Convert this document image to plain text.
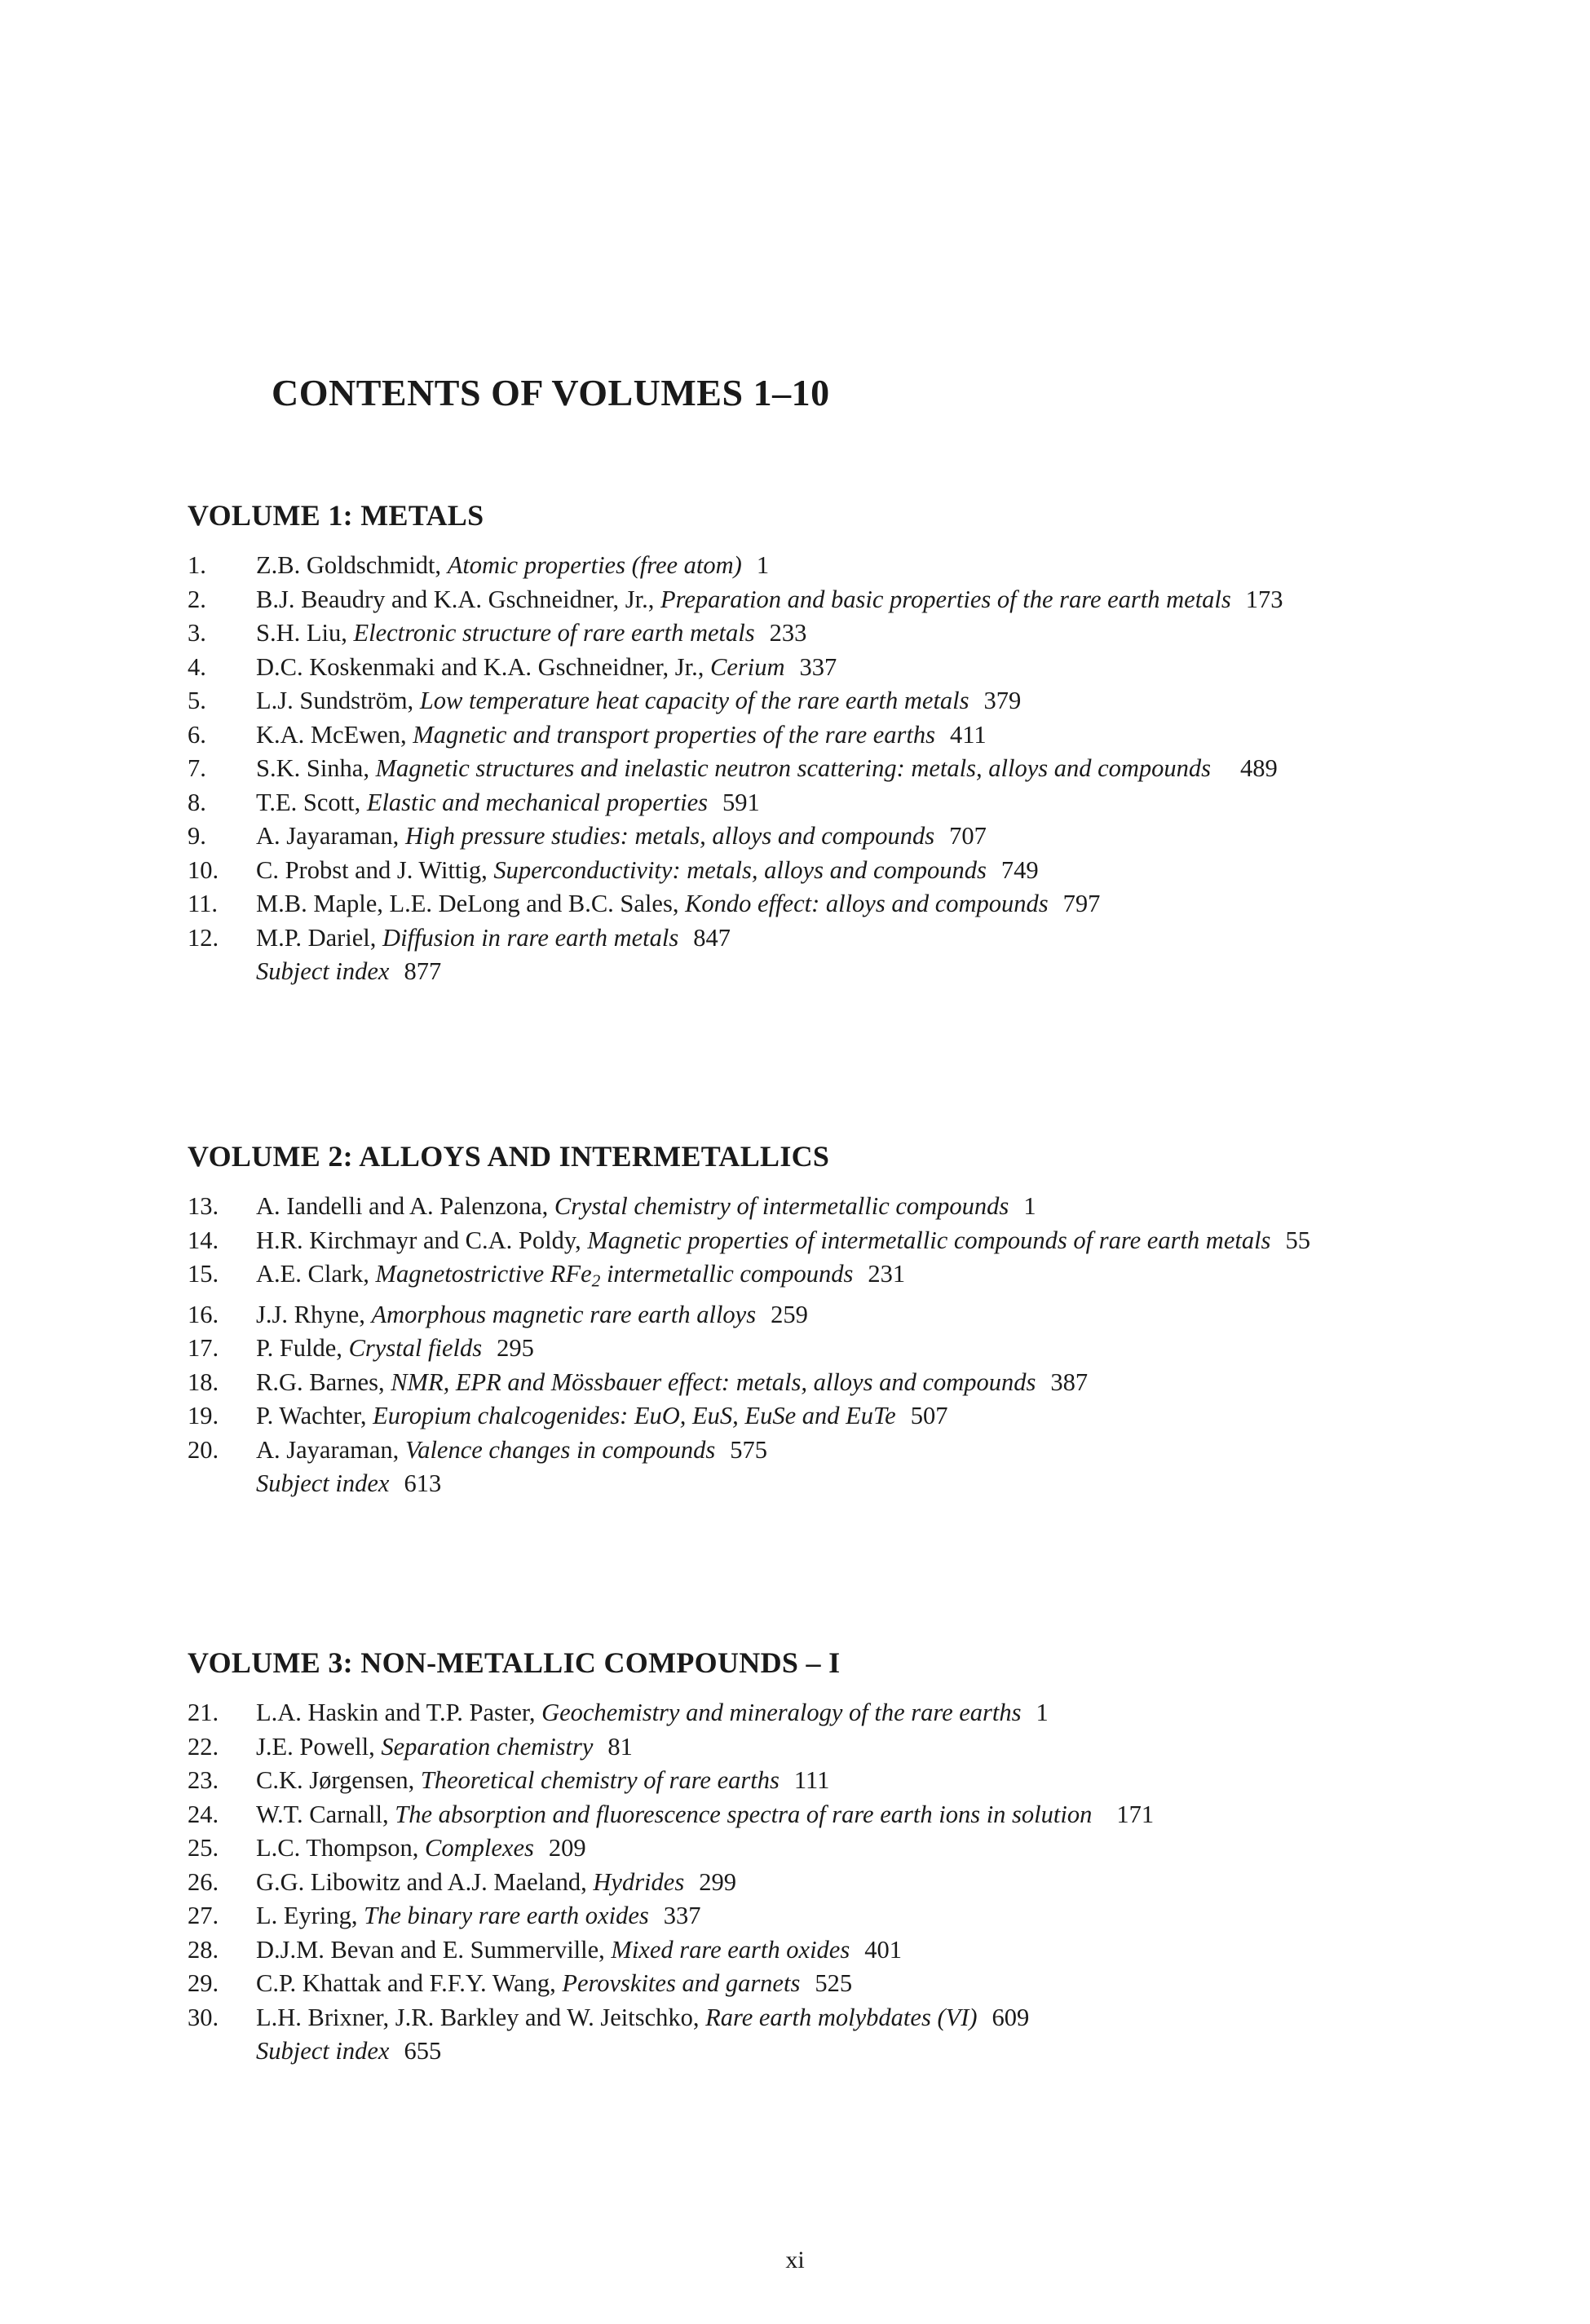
CONTENTS OF VOLUMES 1–10
VOLUME 1: METALS
1.	Z.B. Goldschmidt, Atomic properties (free atom) 1
2.	B.J. Beaudry and K.A. Gschneidner, Jr., Preparation and basic properties of the rare earth metals 173
3.	S.H. Liu, Electronic structure of rare earth metals 233
4.	D.C. Koskenmaki and K.A. Gschneidner, Jr., Cerium 337
5.	L.J. Sundström, Low temperature heat capacity of the rare earth metals 379
6.	K.A. McEwen, Magnetic and transport properties of the rare earths 411
7.	S.K. Sinha, Magnetic structures and inelastic neutron scattering: metals, alloys and compounds 489
8.	T.E. Scott, Elastic and mechanical properties 591
9.	A. Jayaraman, High pressure studies: metals, alloys and compounds 707
10.	C. Probst and J. Wittig, Superconductivity: metals, alloys and compounds 749
11.	M.B. Maple, L.E. DeLong and B.C. Sales, Kondo effect: alloys and compounds 797
12.	M.P. Dariel, Diffusion in rare earth metals 847
Subject index 877
VOLUME 2: ALLOYS AND INTERMETALLICS
13.	A. Iandelli and A. Palenzona, Crystal chemistry of intermetallic compounds 1
14.	H.R. Kirchmayr and C.A. Poldy, Magnetic properties of intermetallic compounds of rare earth metals 55
15.	A.E. Clark, Magnetostrictive RFe$_2$ intermetallic compounds 231
16.	J.J. Rhyne, Amorphous magnetic rare earth alloys 259
17.	P. Fulde, Crystal fields 295
18.	R.G. Barnes, NMR, EPR and Mössbauer effect: metals, alloys and compounds 387
19.	P. Wachter, Europium chalcogenides: EuO, EuS, EuSe and EuTe 507
20.	A. Jayaraman, Valence changes in compounds 575
Subject index 613
VOLUME 3: NON-METALLIC COMPOUNDS – I
21.	L.A. Haskin and T.P. Paster, Geochemistry and mineralogy of the rare earths 1
22.	J.E. Powell, Separation chemistry 81
23.	C.K. Jørgensen, Theoretical chemistry of rare earths 111
24.	W.T. Carnall, The absorption and fluorescence spectra of rare earth ions in solution 171
25.	L.C. Thompson, Complexes 209
26.	G.G. Libowitz and A.J. Maeland, Hydrides 299
27.	L. Eyring, The binary rare earth oxides 337
28.	D.J.M. Bevan and E. Summerville, Mixed rare earth oxides 401
29.	C.P. Khattak and F.F.Y. Wang, Perovskites and garnets 525
30.	L.H. Brixner, J.R. Barkley and W. Jeitschko, Rare earth molybdates (VI) 609
Subject index 655
xi
